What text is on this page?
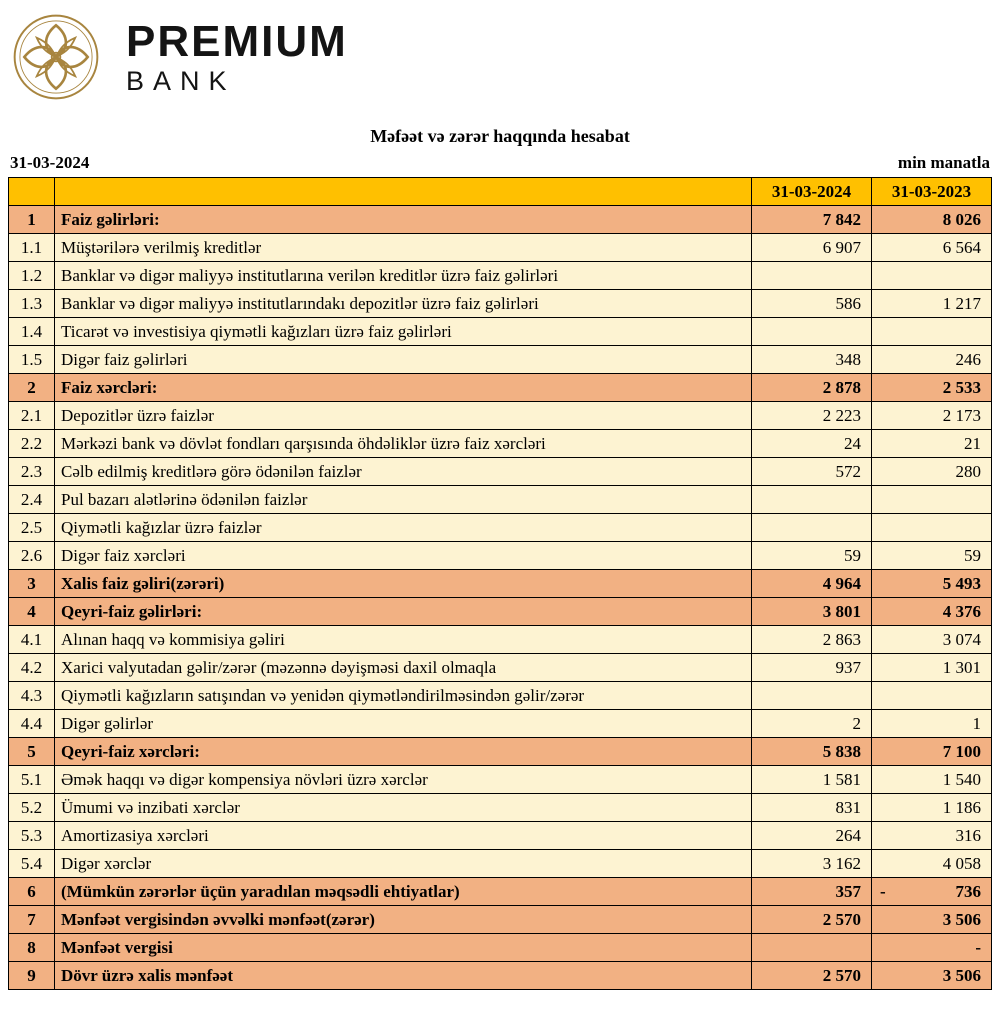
PREMIUM
BANK
Məfəət və zərər haqqında hesabat
31-03-2024	min manatla
		31-03-2024	31-03-2023
1	Faiz gəlirləri:	7 842	8 026
1.1	Müştərilərə verilmiş kreditlər	6 907	6 564
1.2	Banklar və digər maliyyə institutlarına verilən kreditlər üzrə faiz gəlirləri		
1.3	Banklar və digər maliyyə institutlarındakı depozitlər üzrə faiz gəlirləri	586	1 217
1.4	Ticarət və investisiya qiymətli kağızları üzrə faiz gəlirləri		
1.5	Digər faiz gəlirləri	348	246
2	Faiz xərcləri:	2 878	2 533
2.1	Depozitlər üzrə faizlər	2 223	2 173
2.2	Mərkəzi bank və dövlət fondları qarşısında öhdəliklər üzrə faiz xərcləri	24	21
2.3	Cəlb edilmiş kreditlərə görə ödənilən faizlər	572	280
2.4	Pul bazarı alətlərinə ödənilən faizlər		
2.5	Qiymətli kağızlar üzrə faizlər		
2.6	Digər faiz xərcləri	59	59
3	Xalis faiz gəliri(zərəri)	4 964	5 493
4	Qeyri-faiz gəlirləri:	3 801	4 376
4.1	Alınan haqq və kommisiya gəliri	2 863	3 074
4.2	Xarici valyutadan gəlir/zərər (məzənnə dəyişməsi daxil olmaqla	937	1 301
4.3	Qiymətli kağızların satışından və yenidən qiymətləndirilməsindən gəlir/zərər		
4.4	Digər gəlirlər	2	1
5	Qeyri-faiz xərcləri:	5 838	7 100
5.1	Əmək haqqı və digər kompensiya növləri üzrə xərclər	1 581	1 540
5.2	Ümumi və inzibati xərclər	831	1 186
5.3	Amortizasiya xərcləri	264	316
5.4	Digər xərclər	3 162	4 058
6	(Mümkün zərərlər üçün yaradılan məqsədli ehtiyatlar)	357	- 736

7	Mənfəət vergisindən əvvəlki mənfəət(zərər)	2 570	3 506
8	Mənfəət vergisi		-
9	Dövr üzrə xalis mənfəət	2 570	3 506
